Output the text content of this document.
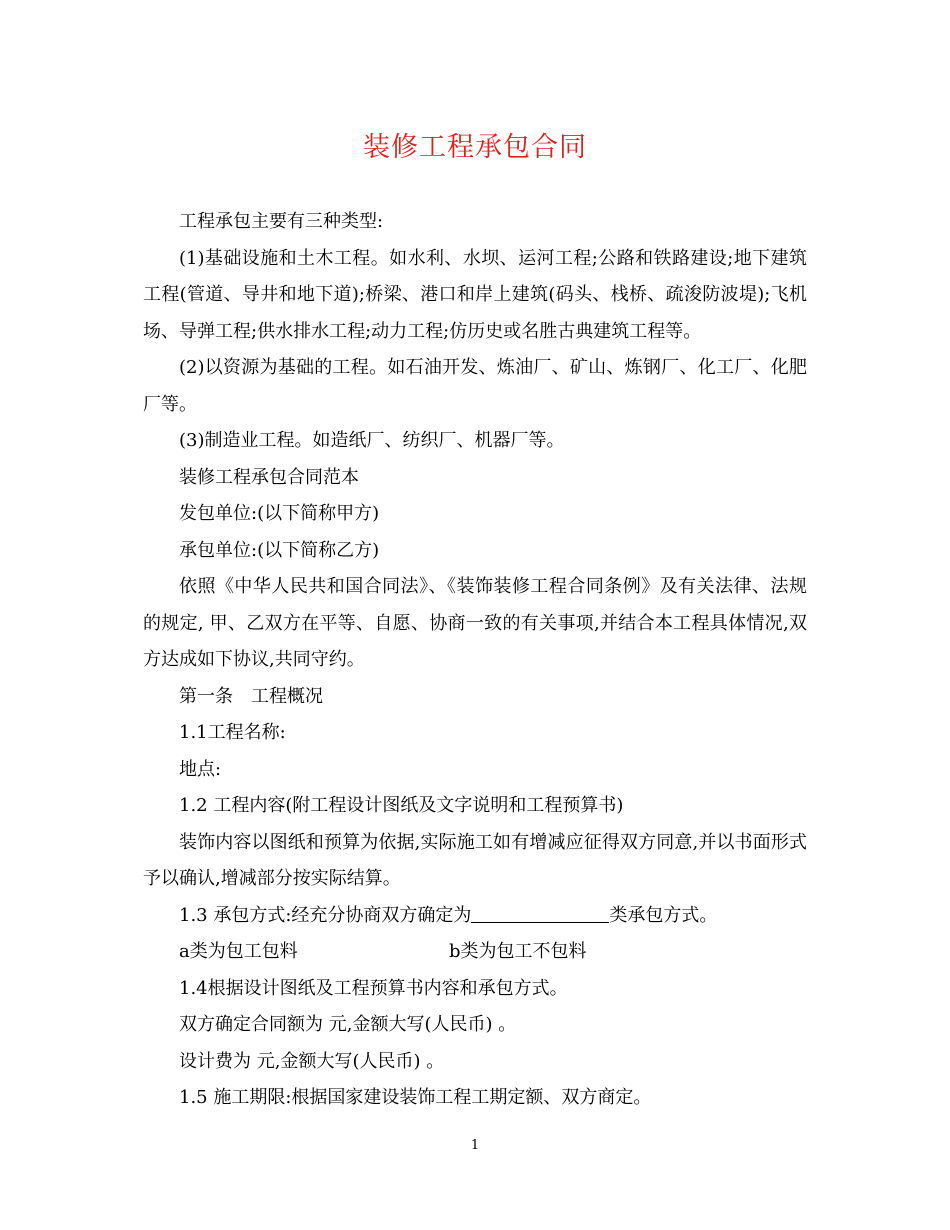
装修工程承包合同

工程承包主要有三种类型:

(1)基础设施和土木工程。如水利、水坝、运河工程;公路和铁路建设;地下建筑工程(管道、导井和地下道);桥梁、港口和岸上建筑(码头、栈桥、疏浚防波堤);飞机场、导弹工程;供水排水工程;动力工程;仿历史或名胜古典建筑工程等。

(2)以资源为基础的工程。如石油开发、炼油厂、矿山、炼钢厂、化工厂、化肥厂等。

(3)制造业工程。如造纸厂、纺织厂、机器厂等。

装修工程承包合同范本

发包单位:(以下简称甲方)

承包单位:(以下简称乙方)

依照《中华人民共和国合同法》、《装饰装修工程合同条例》及有关法律、法规的规定, 甲、乙双方在平等、自愿、协商一致的有关事项,并结合本工程具体情况,双方达成如下协议,共同守约。

第一条　工程概况

1.1工程名称:

地点:

1.2 工程内容(附工程设计图纸及文字说明和工程预算书)

装饰内容以图纸和预算为依据,实际施工如有增减应征得双方同意,并以书面形式予以确认,增减部分按实际结算。

1.3 承包方式:经充分协商双方确定为	类承包方式。

a类为包工包料	b类为包工不包料

1.4根据设计图纸及工程预算书内容和承包方式。

双方确定合同额为 元,金额大写(人民币) 。

设计费为 元,金额大写(人民币) 。

1.5 施工期限:根据国家建设装饰工程工期定额、双方商定。

1
